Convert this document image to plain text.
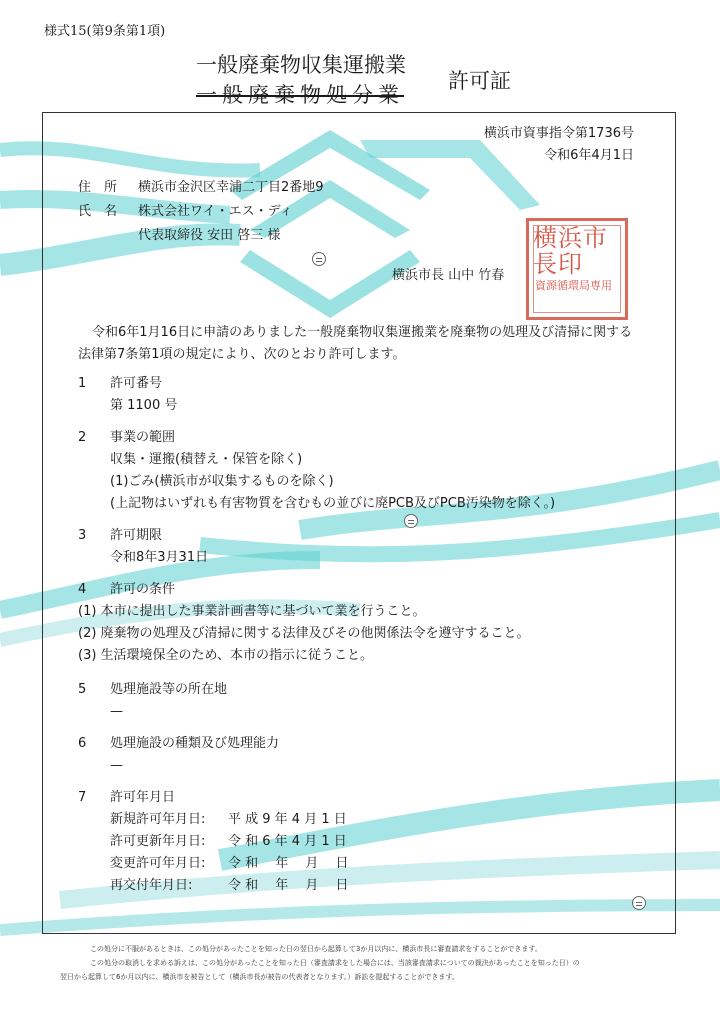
様式15(第9条第1項)
一般廃棄物収集運搬業
一般廃棄物処分業
許可証
横浜市資事指令第1736号
令和6年4月1日
住　所 横浜市金沢区幸浦二丁目2番地9
氏　名 株式会社ワイ・エス・ディ
代表取締役 安田 啓三 様	横浜市長印
資源循環局専用
横浜市長 山中 竹春
令和6年1月16日に申請のありました一般廃棄物収集運搬業を廃棄物の処理及び清掃に関する法律第7条第1項の規定により、次のとおり許可します。
1 許可番号
第 1100 号
2 事業の範囲
収集・運搬(積替え・保管を除く)
(1)ごみ(横浜市が収集するものを除く)
(上記物はいずれも有害物質を含むもの並びに廃PCB及びPCB汚染物を除く。)
3 許可期限
令和8年3月31日
4 許可の条件
(1) 本市に提出した事業計画書等に基づいて業を行うこと。
(2) 廃棄物の処理及び清掃に関する法律及びその他関係法令を遵守すること。
(3) 生活環境保全のため、本市の指示に従うこと。
5 処理施設等の所在地
—
6 処理施設の種類及び処理能力
—
7 許可年月日
新規許可年月日: 平 成 9 年 4 月 1 日
許可更新年月日: 令 和 6 年 4 月 1 日
変更許可年月日: 令 和　 年　 月　 日
再交付年月日:	令 和　 年　 月　 日
この処分に不服があるときは、この処分があったことを知った日の翌日から起算して3か月以内に、横浜市長に審査請求をすることができます。
この処分の取消しを求める訴えは、この処分があったことを知った日（審査請求をした場合には、当該審査請求についての裁決があったことを知った日）の
翌日から起算して6か月以内に、横浜市を被告として（横浜市長が被告の代表者となります。）訴訟を提起することができます。
